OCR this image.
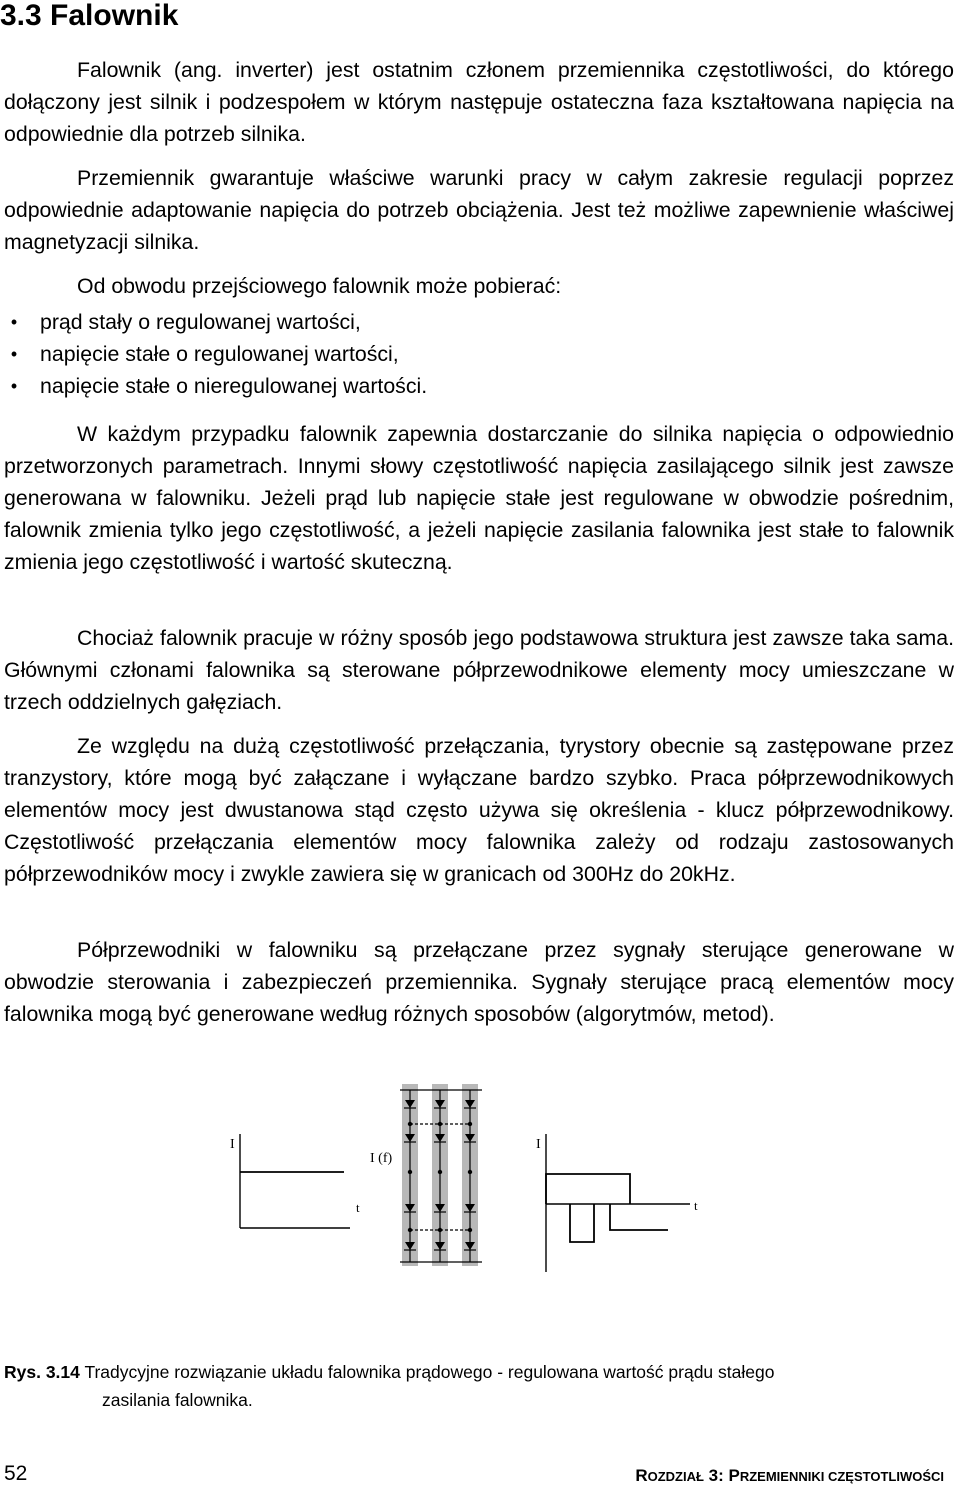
3.3 Falownik

Falownik (ang. inverter) jest ostatnim członem przemiennika częstotliwości, do którego dołączony jest silnik i podzespołem w którym następuje ostateczna faza kształtowana napięcia na odpowiednie dla potrzeb silnika.

Przemiennik gwarantuje właściwe warunki pracy w całym zakresie regulacji poprzez odpowiednie adaptowanie napięcia do potrzeb obciążenia. Jest też możliwe zapewnienie właściwej magnetyzacji silnika.

Od obwodu przejściowego falownik może pobierać:

•	prąd stały o regulowanej wartości,
•	napięcie stałe o regulowanej wartości,
•	napięcie stałe o nieregulowanej wartości.

W każdym przypadku falownik zapewnia dostarczanie do silnika napięcia o odpowiednio przetworzonych parametrach. Innymi słowy częstotliwość napięcia zasilającego silnik jest zawsze generowana w falowniku. Jeżeli prąd lub napięcie stałe jest regulowane w obwodzie pośrednim, falownik zmienia tylko jego częstotliwość, a jeżeli napięcie zasilania falownika jest stałe to falownik zmienia jego częstotliwość i wartość skuteczną.

Chociaż falownik pracuje w różny sposób jego podstawowa struktura jest zawsze taka sama. Głównymi członami falownika są sterowane półprzewodnikowe elementy mocy umieszczane w trzech oddzielnych gałęziach.

Ze względu na dużą częstotliwość przełączania, tyrystory obecnie są zastępowane przez tranzystory, które mogą być załączane i wyłączane bardzo szybko. Praca półprzewodnikowych elementów mocy jest dwustanowa stąd często używa się określenia - klucz półprzewodnikowy. Częstotliwość przełączania elementów mocy falownika zależy od rodzaju zastosowanych półprzewodników mocy i zwykle zawiera się w granicach od 300Hz do 20kHz.

Półprzewodniki w falowniku są przełączane przez sygnały sterujące generowane w obwodzie sterowania i zabezpieczeń przemiennika. Sygnały sterujące pracą elementów mocy falownika mogą być generowane według różnych sposobów (algorytmów, metod).

I
t
I (f)
I
t
Rys. 3.14 Tradycyjne rozwiązanie układu falownika prądowego - regulowana wartość prądu stałego
zasilania falownika.
52	ROZDZIAŁ 3: PRZEMIENNIKI CZĘSTOTLIWOŚCI
